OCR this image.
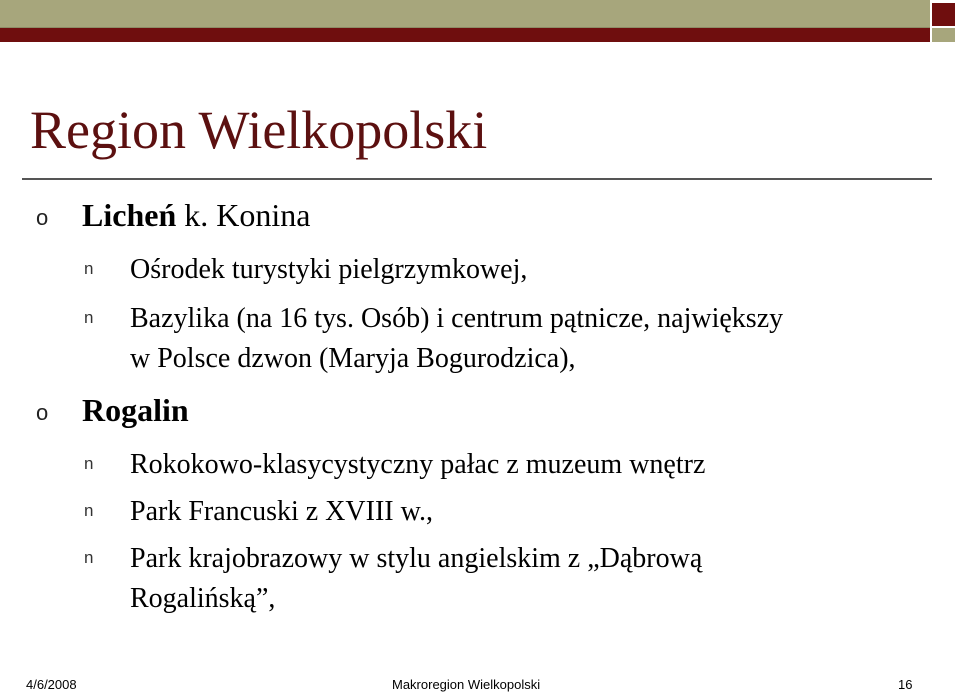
Region Wielkopolski
o Licheń k. Konina
n Ośrodek turystyki pielgrzymkowej,
n Bazylika (na 16 tys. Osób) i centrum pątnicze, największy
w Polsce dzwon (Maryja Bogurodzica),
o Rogalin
n Rokokowo-klasycystyczny pałac z muzeum wnętrz
n Park Francuski z XVIII w.,
n Park krajobrazowy w stylu angielskim z „Dąbrową
Rogalińską”,
4/6/2008	Makroregion Wielkopolski	16
